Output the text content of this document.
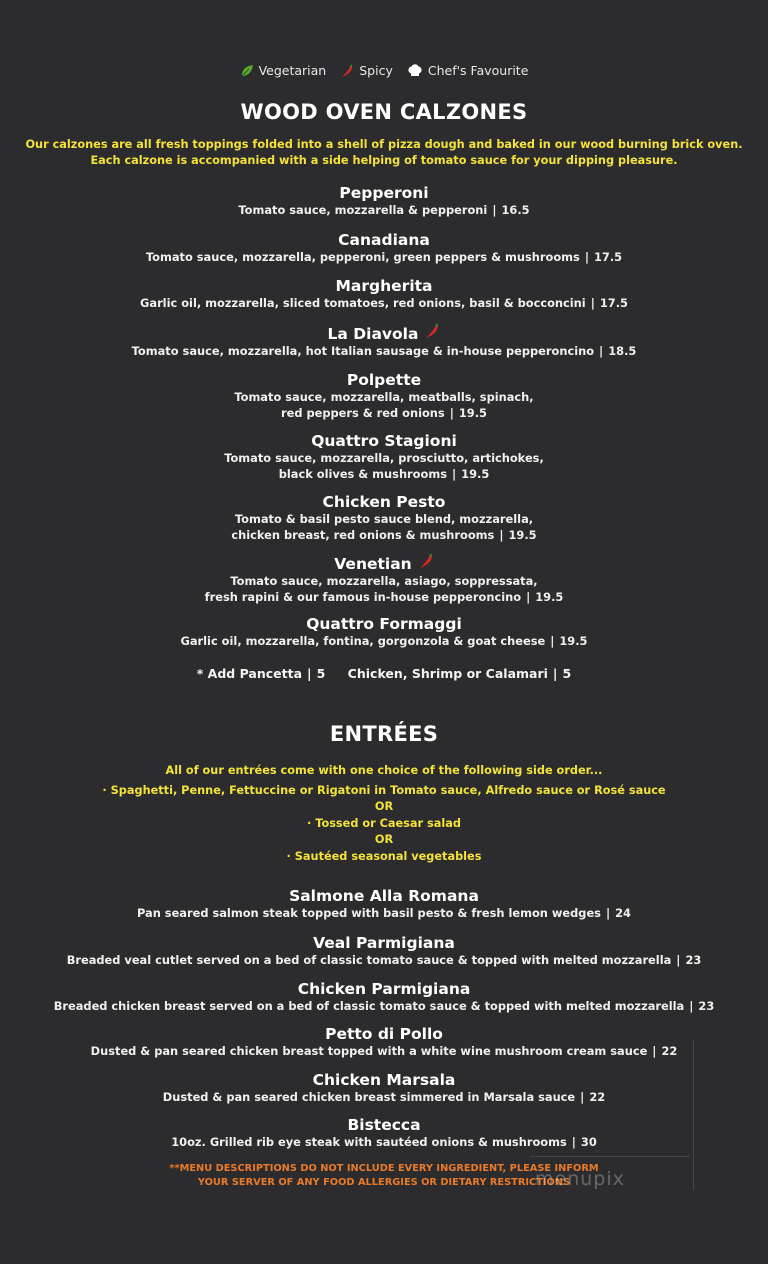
Vegetarian	Spicy	Chef's Favourite
WOOD OVEN CALZONES
Our calzones are all fresh toppings folded into a shell of pizza dough and baked in our wood burning brick oven.
Each calzone is accompanied with a side helping of tomato sauce for your dipping pleasure.
Pepperoni
Tomato sauce, mozzarella & pepperoni | 16.5
Canadiana
Tomato sauce, mozzarella, pepperoni, green peppers & mushrooms | 17.5
Margherita
Garlic oil, mozzarella, sliced tomatoes, red onions, basil & bocconcini | 17.5
La Diavola
Tomato sauce, mozzarella, hot Italian sausage & in-house pepperoncino | 18.5
Polpette
Tomato sauce, mozzarella, meatballs, spinach,
red peppers & red onions | 19.5
Quattro Stagioni
Tomato sauce, mozzarella, prosciutto, artichokes,
black olives & mushrooms | 19.5
Chicken Pesto
Tomato & basil pesto sauce blend, mozzarella,
chicken breast, red onions & mushrooms | 19.5
Venetian
Tomato sauce, mozzarella, asiago, soppressata,
fresh rapini & our famous in-house pepperoncino | 19.5
Quattro Formaggi
Garlic oil, mozzarella, fontina, gorgonzola & goat cheese | 19.5
* Add Pancetta | 5 Chicken, Shrimp or Calamari | 5
ENTRÉES
All of our entrées come with one choice of the following side order...
· Spaghetti, Penne, Fettuccine or Rigatoni in Tomato sauce, Alfredo sauce or Rosé sauce
OR
· Tossed or Caesar salad
OR
· Sautéed seasonal vegetables
Salmone Alla Romana
Pan seared salmon steak topped with basil pesto & fresh lemon wedges | 24
Veal Parmigiana
Breaded veal cutlet served on a bed of classic tomato sauce & topped with melted mozzarella | 23
Chicken Parmigiana
Breaded chicken breast served on a bed of classic tomato sauce & topped with melted mozzarella | 23
Petto di Pollo
Dusted & pan seared chicken breast topped with a white wine mushroom cream sauce | 22
Chicken Marsala
Dusted & pan seared chicken breast simmered in Marsala sauce | 22
Bistecca
10oz. Grilled rib eye steak with sautéed onions & mushrooms | 30
**MENU DESCRIPTIONS DO NOT INCLUDE EVERY INGREDIENT, PLEASE INFORM
YOUR SERVER OF ANY FOOD ALLERGIES OR DIETARY RESTRICTIONS
menupix
